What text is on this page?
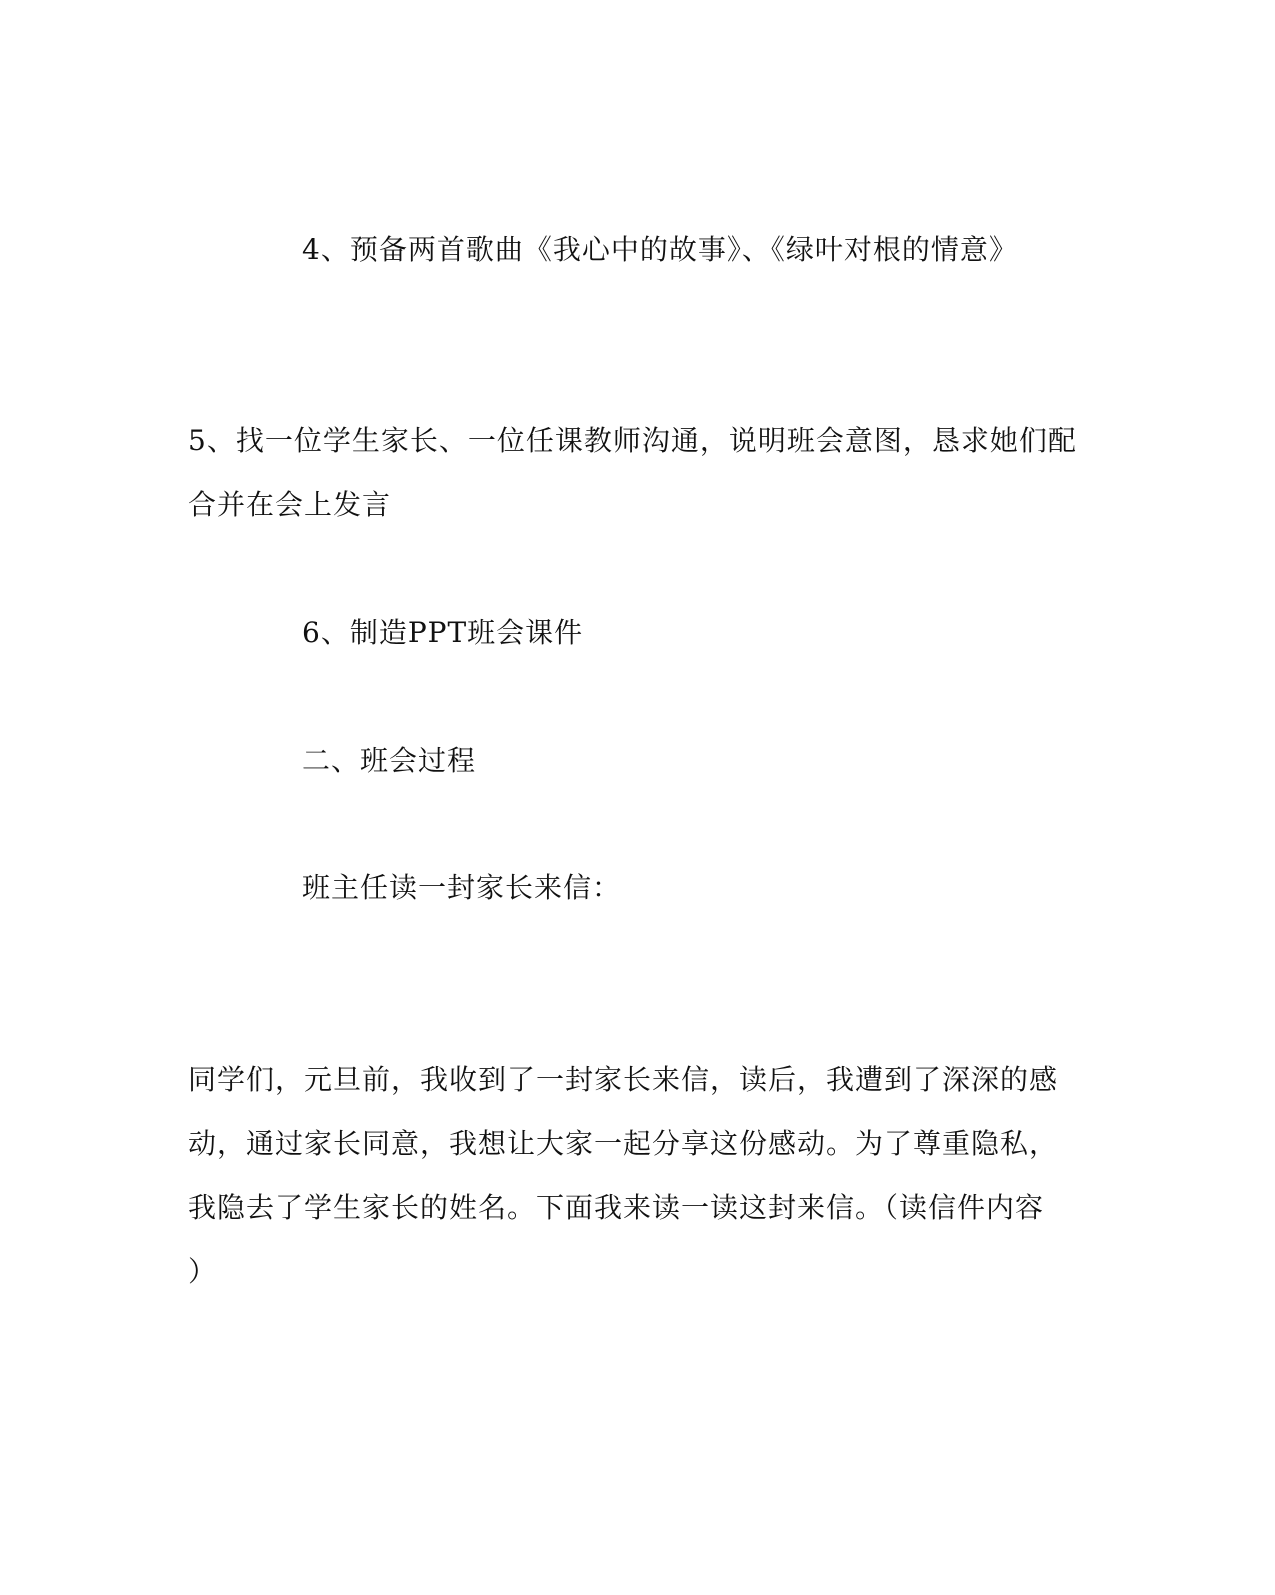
4、预备两首歌曲《我心中的故事》、《绿叶对根的情意》
5、找一位学生家长、一位任课教师沟通，说明班会意图，恳求她们配
合并在会上发言
6、制造PPT班会课件
二、班会过程
班主任读一封家长来信：
同学们，元旦前，我收到了一封家长来信，读后，我遭到了深深的感
动，通过家长同意，我想让大家一起分享这份感动。为了尊重隐私，
我隐去了学生家长的姓名。下面我来读一读这封来信。（读信件内容
）
